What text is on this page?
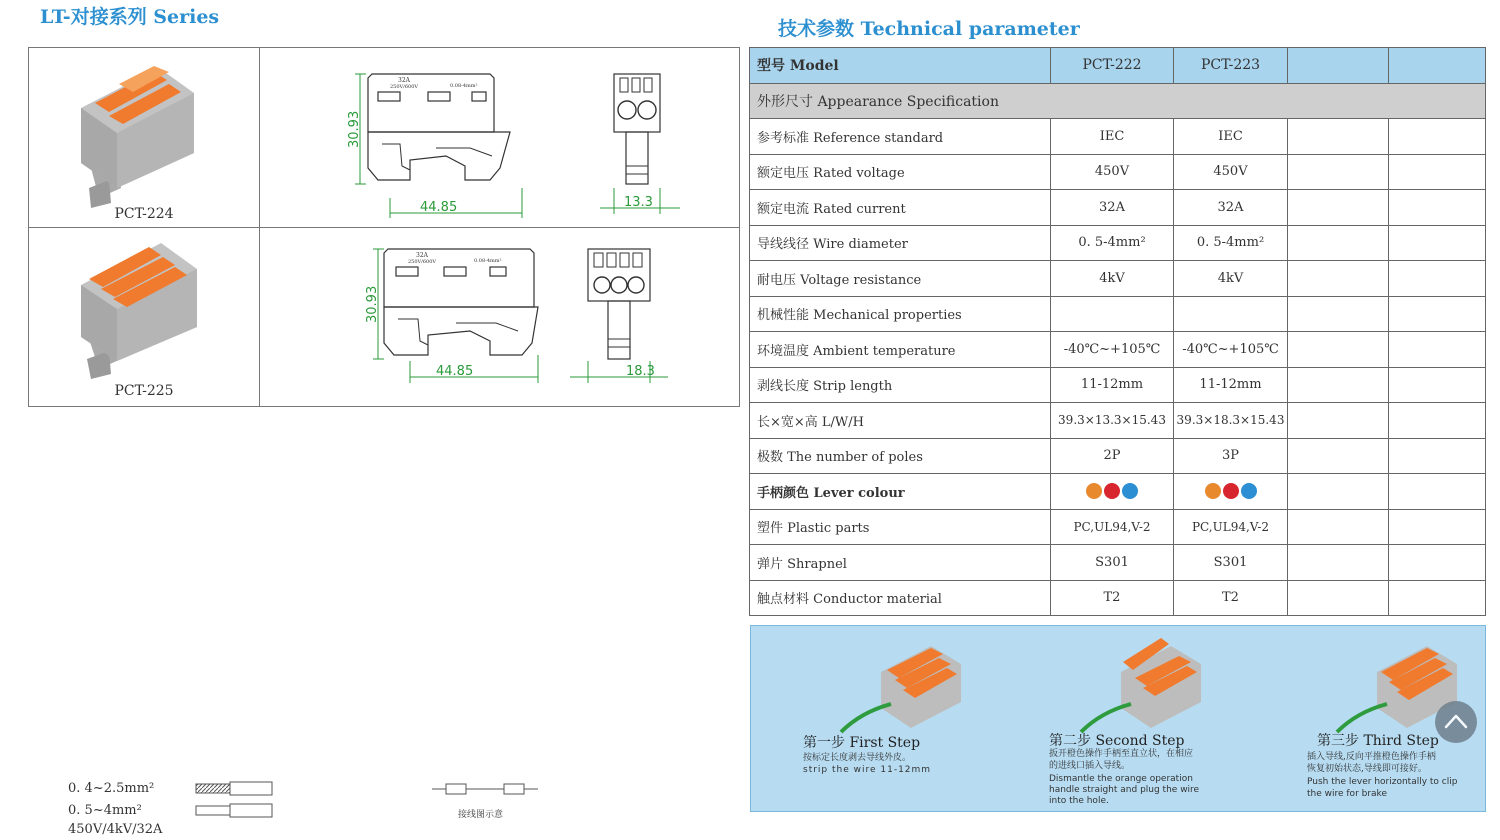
LT-对接系列 Series
技术参数 Technical parameter
PCT-224
32A
250V/600V	0.08-4mm²
30.93
44.85	13.3
PCT-225
32A
250V/600V	0.08-4mm²
30.93
44.85	18.3
型号 Model	PCT-222	PCT-223		
外形尺寸 Appearance Specification				
参考标准 Reference standard	IEC	IEC		
额定电压 Rated voltage	450V	450V		
额定电流 Rated current	32A	32A		
导线线径 Wire diameter	0. 5-4mm²	0. 5-4mm²		
耐电压 Voltage resistance	4kV	4kV		
机械性能 Mechanical properties				
环境温度 Ambient temperature	-40℃~+105℃	-40℃~+105℃		
剥线长度 Strip length	11-12mm	11-12mm		
长×宽×高 L/W/H	39.3×13.3×15.43	39.3×18.3×15.43		
极数 The number of poles	2P	3P		
手柄颜色 Lever colour	

塑件 Plastic parts	PC,UL94,V-2	PC,UL94,V-2		
弹片 Shrapnel	S301	S301		
触点材料 Conductor material	T2	T2		
第一步 First Step
按标定长度剥去导线外皮。
strip the wire 11-12mm
第二步 Second Step
扳开橙色操作手柄至直立状，在相应
的进线口插入导线。
Dismantle the orange operation
handle straight and plug the wire
into the hole.
第三步 Third Step
插入导线,反向平推橙色操作手柄
恢复初始状态,导线即可接好。
Push the lever horizontally to clip
the wire for brake
0. 4~2.5mm²
0. 5~4mm²
450V/4kV/32A
接线图示意
